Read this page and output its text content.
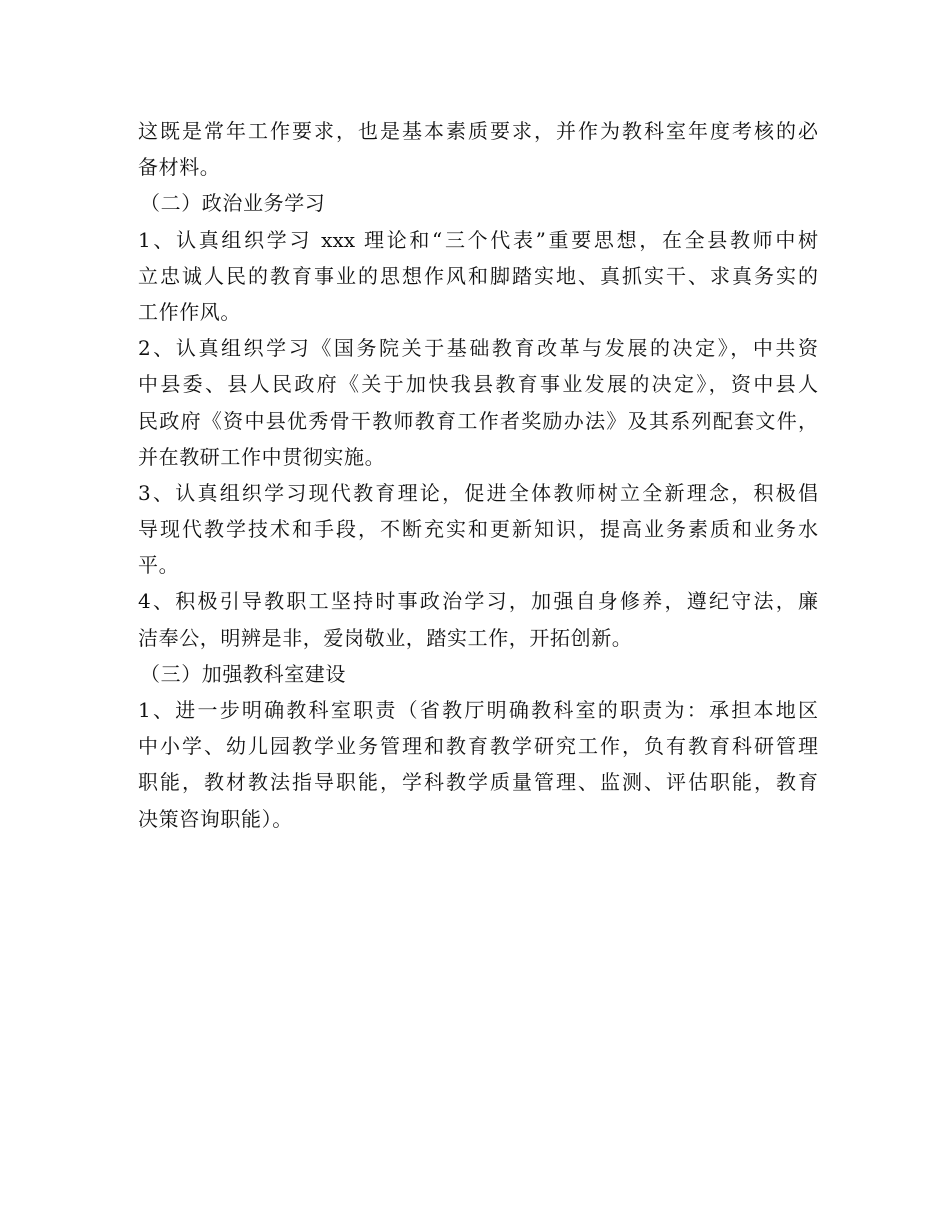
这既是常年工作要求，也是基本素质要求，并作为教科室年度考核的必
备材料。
（二）政治业务学习
1、认真组织学习 xxx 理论和“三个代表”重要思想，在全县教师中树
立忠诚人民的教育事业的思想作风和脚踏实地、真抓实干、求真务实的
工作作风。
2、认真组织学习《国务院关于基础教育改革与发展的决定》，中共资
中县委、县人民政府《关于加快我县教育事业发展的决定》，资中县人
民政府《资中县优秀骨干教师教育工作者奖励办法》及其系列配套文件，
并在教研工作中贯彻实施。
3、认真组织学习现代教育理论，促进全体教师树立全新理念，积极倡
导现代教学技术和手段，不断充实和更新知识，提高业务素质和业务水
平。
4、积极引导教职工坚持时事政治学习，加强自身修养，遵纪守法，廉
洁奉公，明辨是非，爱岗敬业，踏实工作，开拓创新。
（三）加强教科室建设
1、进一步明确教科室职责（省教厅明确教科室的职责为：承担本地区
中小学、幼儿园教学业务管理和教育教学研究工作，负有教育科研管理
职能，教材教法指导职能，学科教学质量管理、监测、评估职能，教育
决策咨询职能）。
